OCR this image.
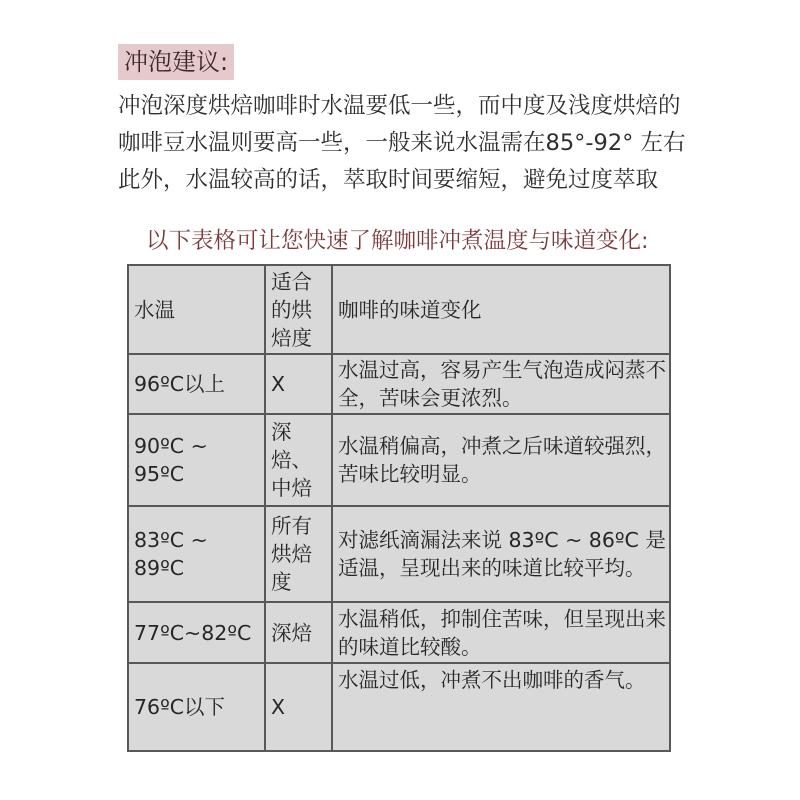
冲泡建议:
冲泡深度烘焙咖啡时水温要低一些，而中度及浅度烘焙的
咖啡豆水温则要高一些，一般来说水温需在85°-92° 左右
此外，水温较高的话，萃取时间要缩短，避免过度萃取
以下表格可让您快速了解咖啡冲煮温度与味道变化:
水温	适合的烘焙度	咖啡的味道变化
96ºC以上	X	水温过高，容易产生气泡造成闷蒸不全，苦味会更浓烈。
90ºC ~ 95ºC	深焙、中焙	水温稍偏高，冲煮之后味道较强烈，苦味比较明显。
83ºC ~ 89ºC	所有烘焙度	对滤纸滴漏法来说 83ºC ~ 86ºC 是适温，呈现出来的味道比较平均。
77ºC~82ºC	深焙	水温稍低，抑制住苦味，但呈现出来的味道比较酸。
76ºC以下	X	水温过低，冲煮不出咖啡的香气。
